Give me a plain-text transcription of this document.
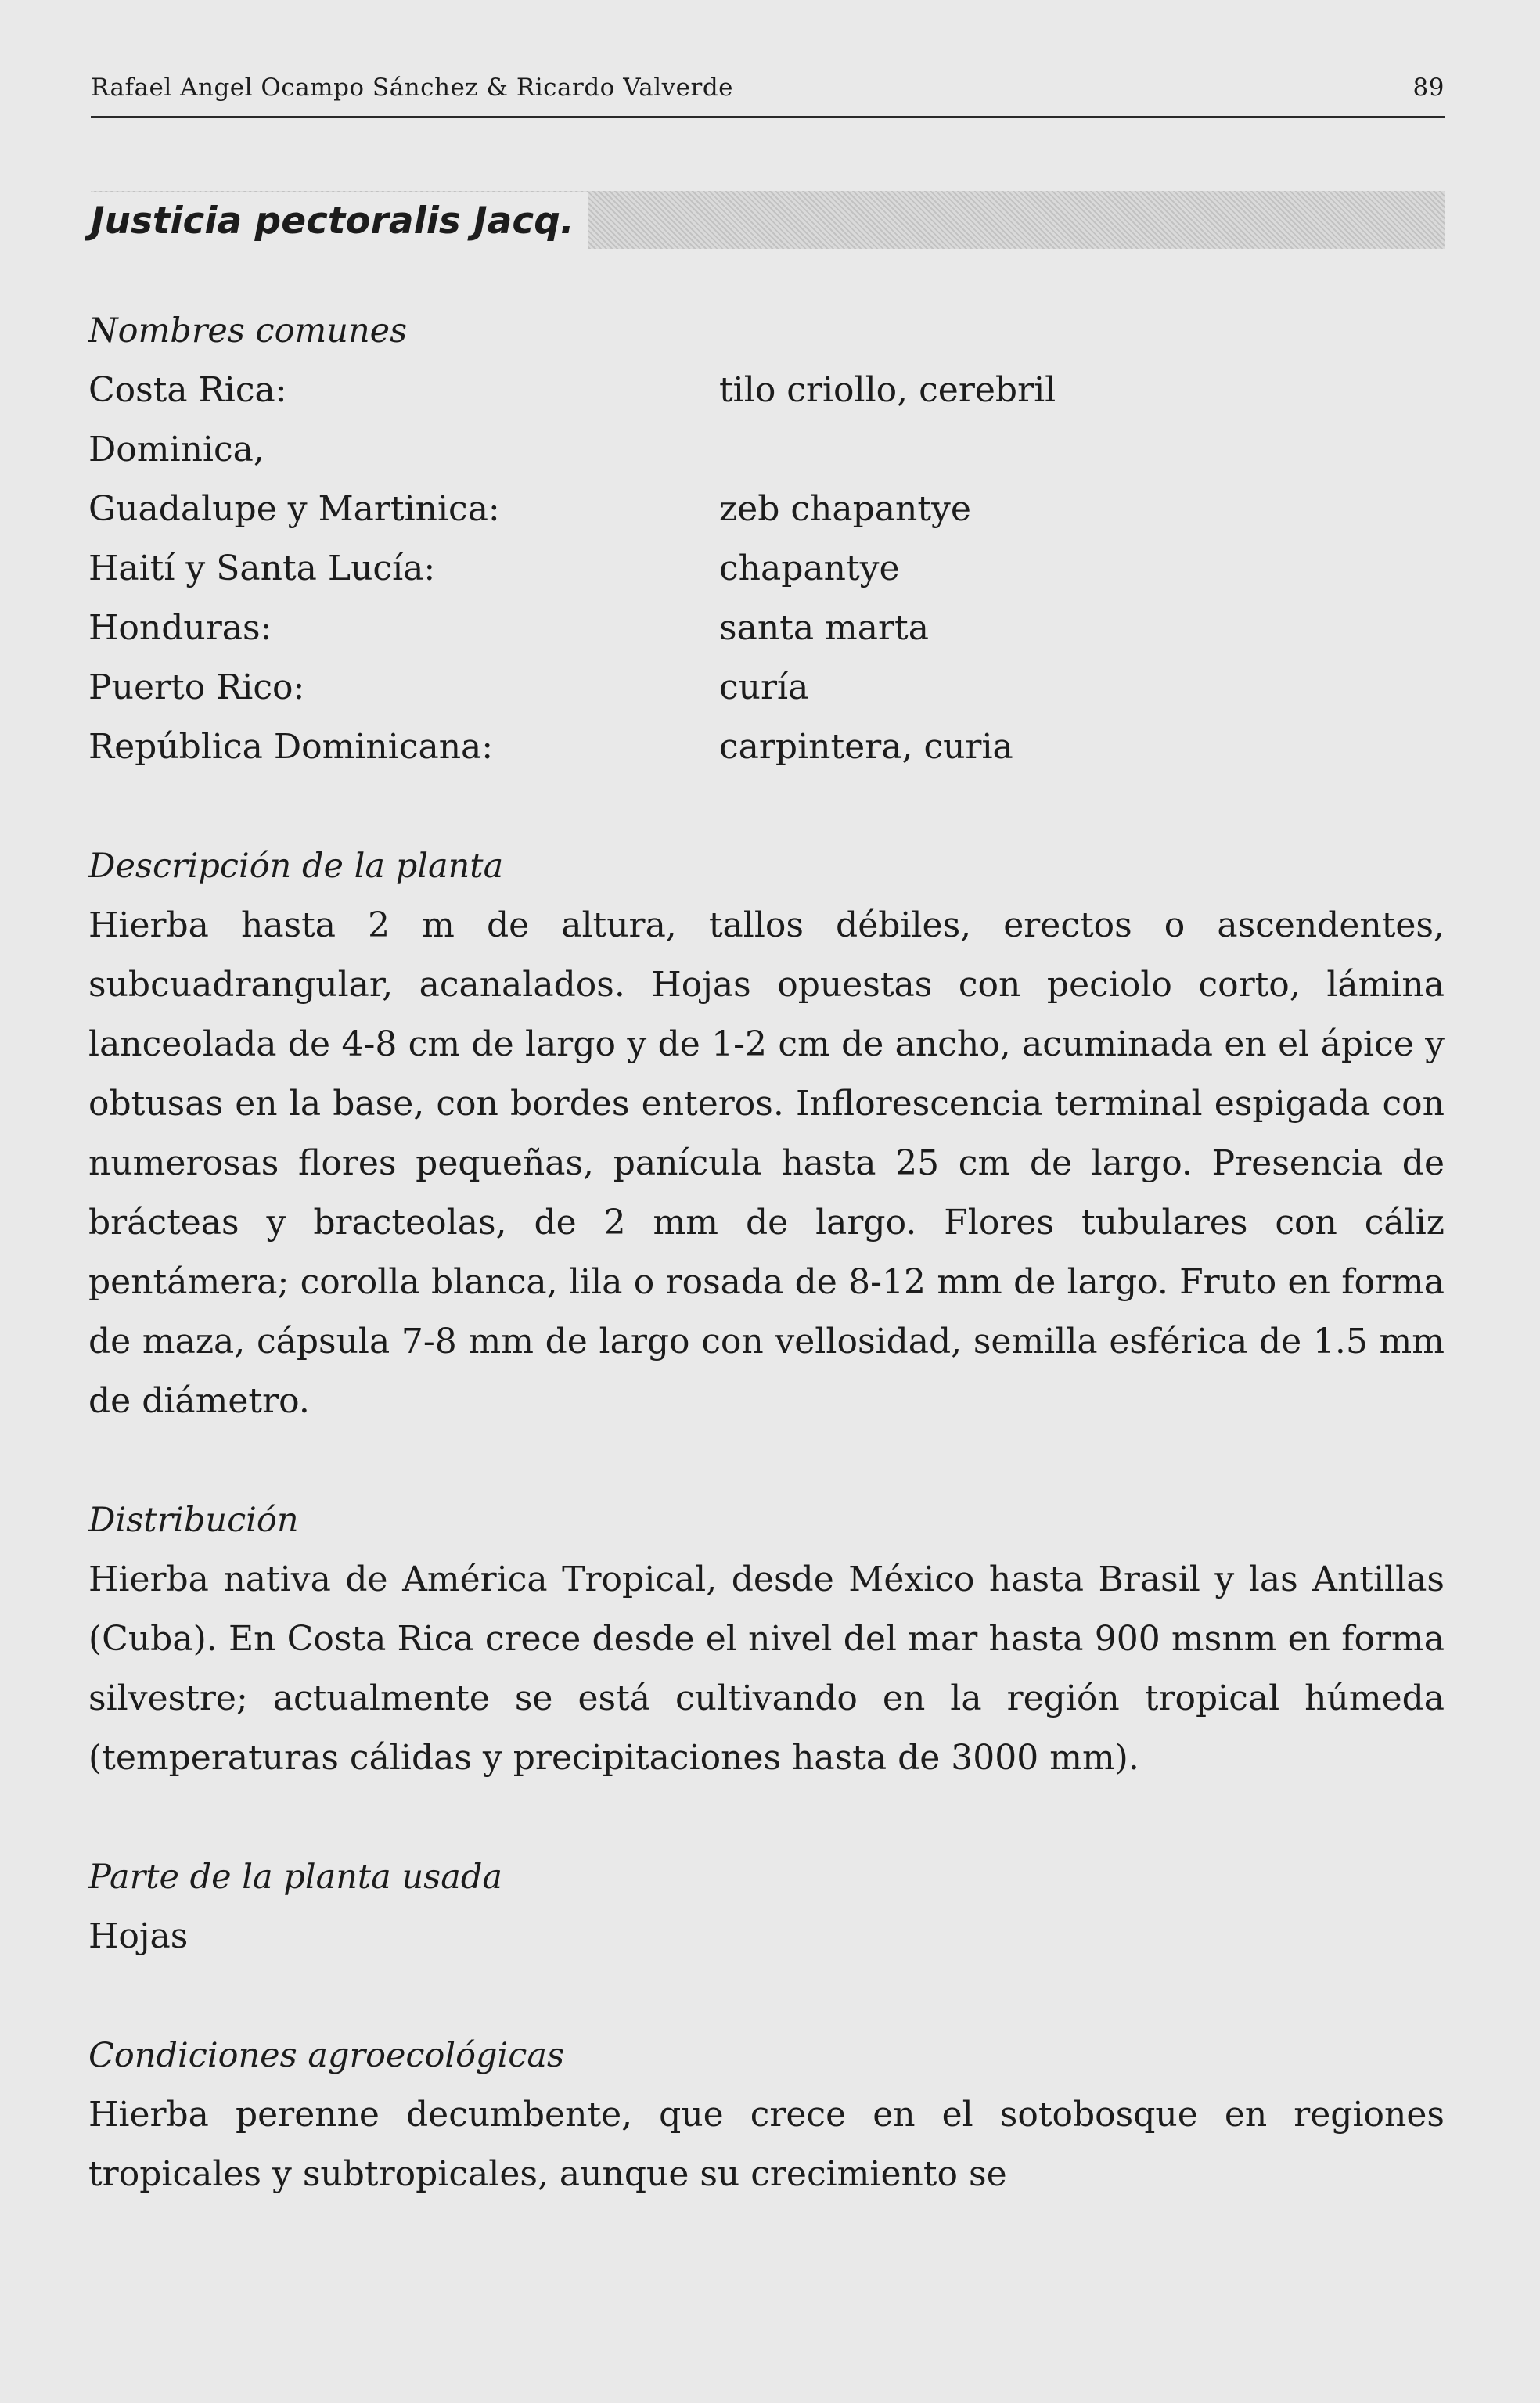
Rafael Angel Ocampo Sánchez & Ricardo Valverde	89
Justicia pectoralis Jacq.
Nombres comunes
Costa Rica:	tilo criollo, cerebril
Dominica,
Guadalupe y Martinica:	zeb chapantye
Haití y Santa Lucía:	chapantye
Honduras:	santa marta
Puerto Rico:	curía
República Dominicana:	carpintera, curia
Descripción de la planta
Hierba hasta 2 m de altura, tallos débiles, erectos o ascendentes, subcuadrangular, acanalados. Hojas opuestas con peciolo corto, lámina lanceolada de 4-8 cm de largo y de 1-2 cm de ancho, acuminada en el ápice y obtusas en la base, con bordes enteros. Inflorescencia terminal espigada con numerosas flores pequeñas, panícula hasta 25 cm de largo. Presencia de brácteas y bracteolas, de 2 mm de largo. Flores tubulares con cáliz pentámera; corolla blanca, lila o rosada de 8-12 mm de largo. Fruto en forma de maza, cápsula 7-8 mm de largo con vellosidad, semilla esférica de 1.5 mm de diámetro.
Distribución
Hierba nativa de América Tropical, desde México hasta Brasil y las Antillas (Cuba). En Costa Rica crece desde el nivel del mar hasta 900 msnm en forma silvestre; actualmente se está cultivando en la región tropical húmeda (temperaturas cálidas y precipitaciones hasta de 3000 mm).
Parte de la planta usada
Hojas
Condiciones agroecológicas
Hierba perenne decumbente, que crece en el sotobosque en regiones tropicales y subtropicales, aunque su crecimiento se
